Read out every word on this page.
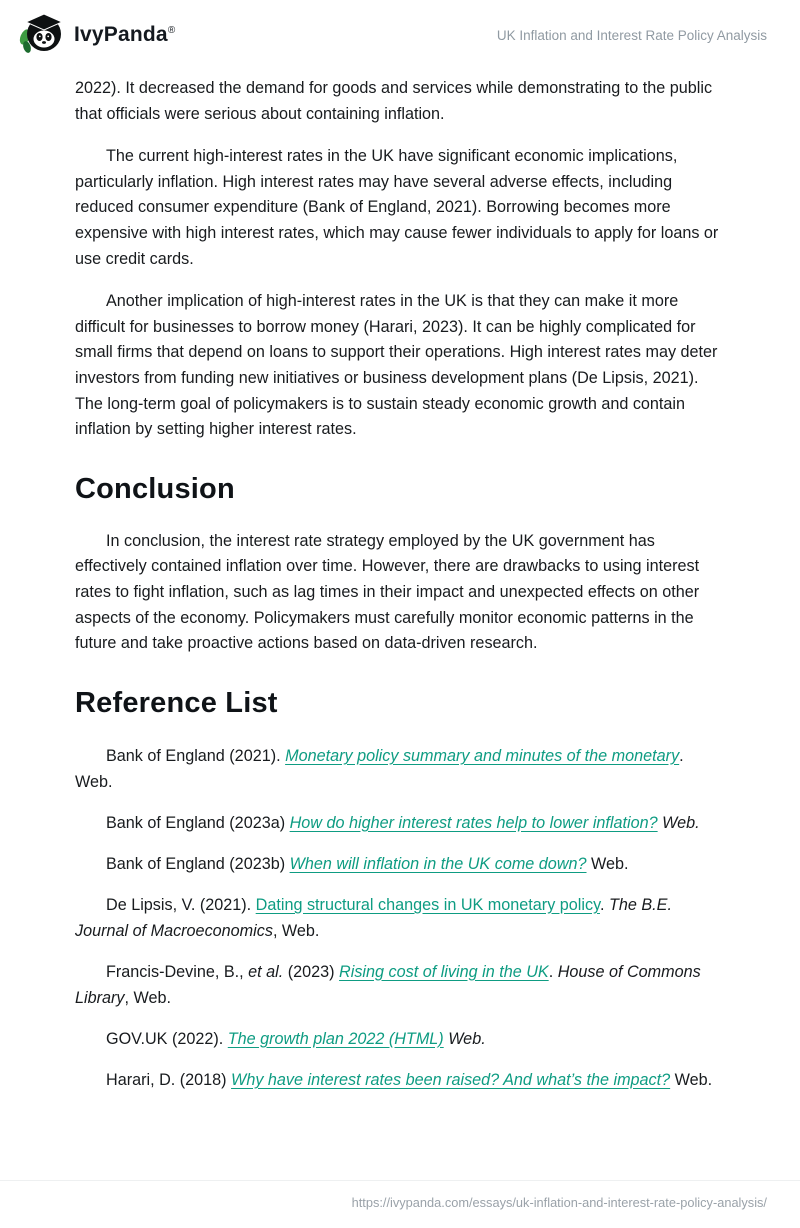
IvyPanda®	UK Inflation and Interest Rate Policy Analysis

2022). It decreased the demand for goods and services while demonstrating to the public that officials were serious about containing inflation.

The current high-interest rates in the UK have significant economic implications, particularly inflation. High interest rates may have several adverse effects, including reduced consumer expenditure (Bank of England, 2021). Borrowing becomes more expensive with high interest rates, which may cause fewer individuals to apply for loans or use credit cards.

Another implication of high-interest rates in the UK is that they can make it more difficult for businesses to borrow money (Harari, 2023). It can be highly complicated for small firms that depend on loans to support their operations. High interest rates may deter investors from funding new initiatives or business development plans (De Lipsis, 2021). The long-term goal of policymakers is to sustain steady economic growth and contain inflation by setting higher interest rates.

Conclusion

In conclusion, the interest rate strategy employed by the UK government has effectively contained inflation over time. However, there are drawbacks to using interest rates to fight inflation, such as lag times in their impact and unexpected effects on other aspects of the economy. Policymakers must carefully monitor economic patterns in the future and take proactive actions based on data-driven research.

Reference List

Bank of England (2021). Monetary policy summary and minutes of the monetary. Web.

Bank of England (2023a) How do higher interest rates help to lower inflation? Web.

Bank of England (2023b) When will inflation in the UK come down? Web.

De Lipsis, V. (2021). Dating structural changes in UK monetary policy. The B.E. Journal of Macroeconomics, Web.

Francis-Devine, B., et al. (2023) Rising cost of living in the UK. House of Commons Library, Web.

GOV.UK (2022). The growth plan 2022 (HTML) Web.

Harari, D. (2018) Why have interest rates been raised? And what’s the impact? Web.

https://ivypanda.com/essays/uk-inflation-and-interest-rate-policy-analysis/
